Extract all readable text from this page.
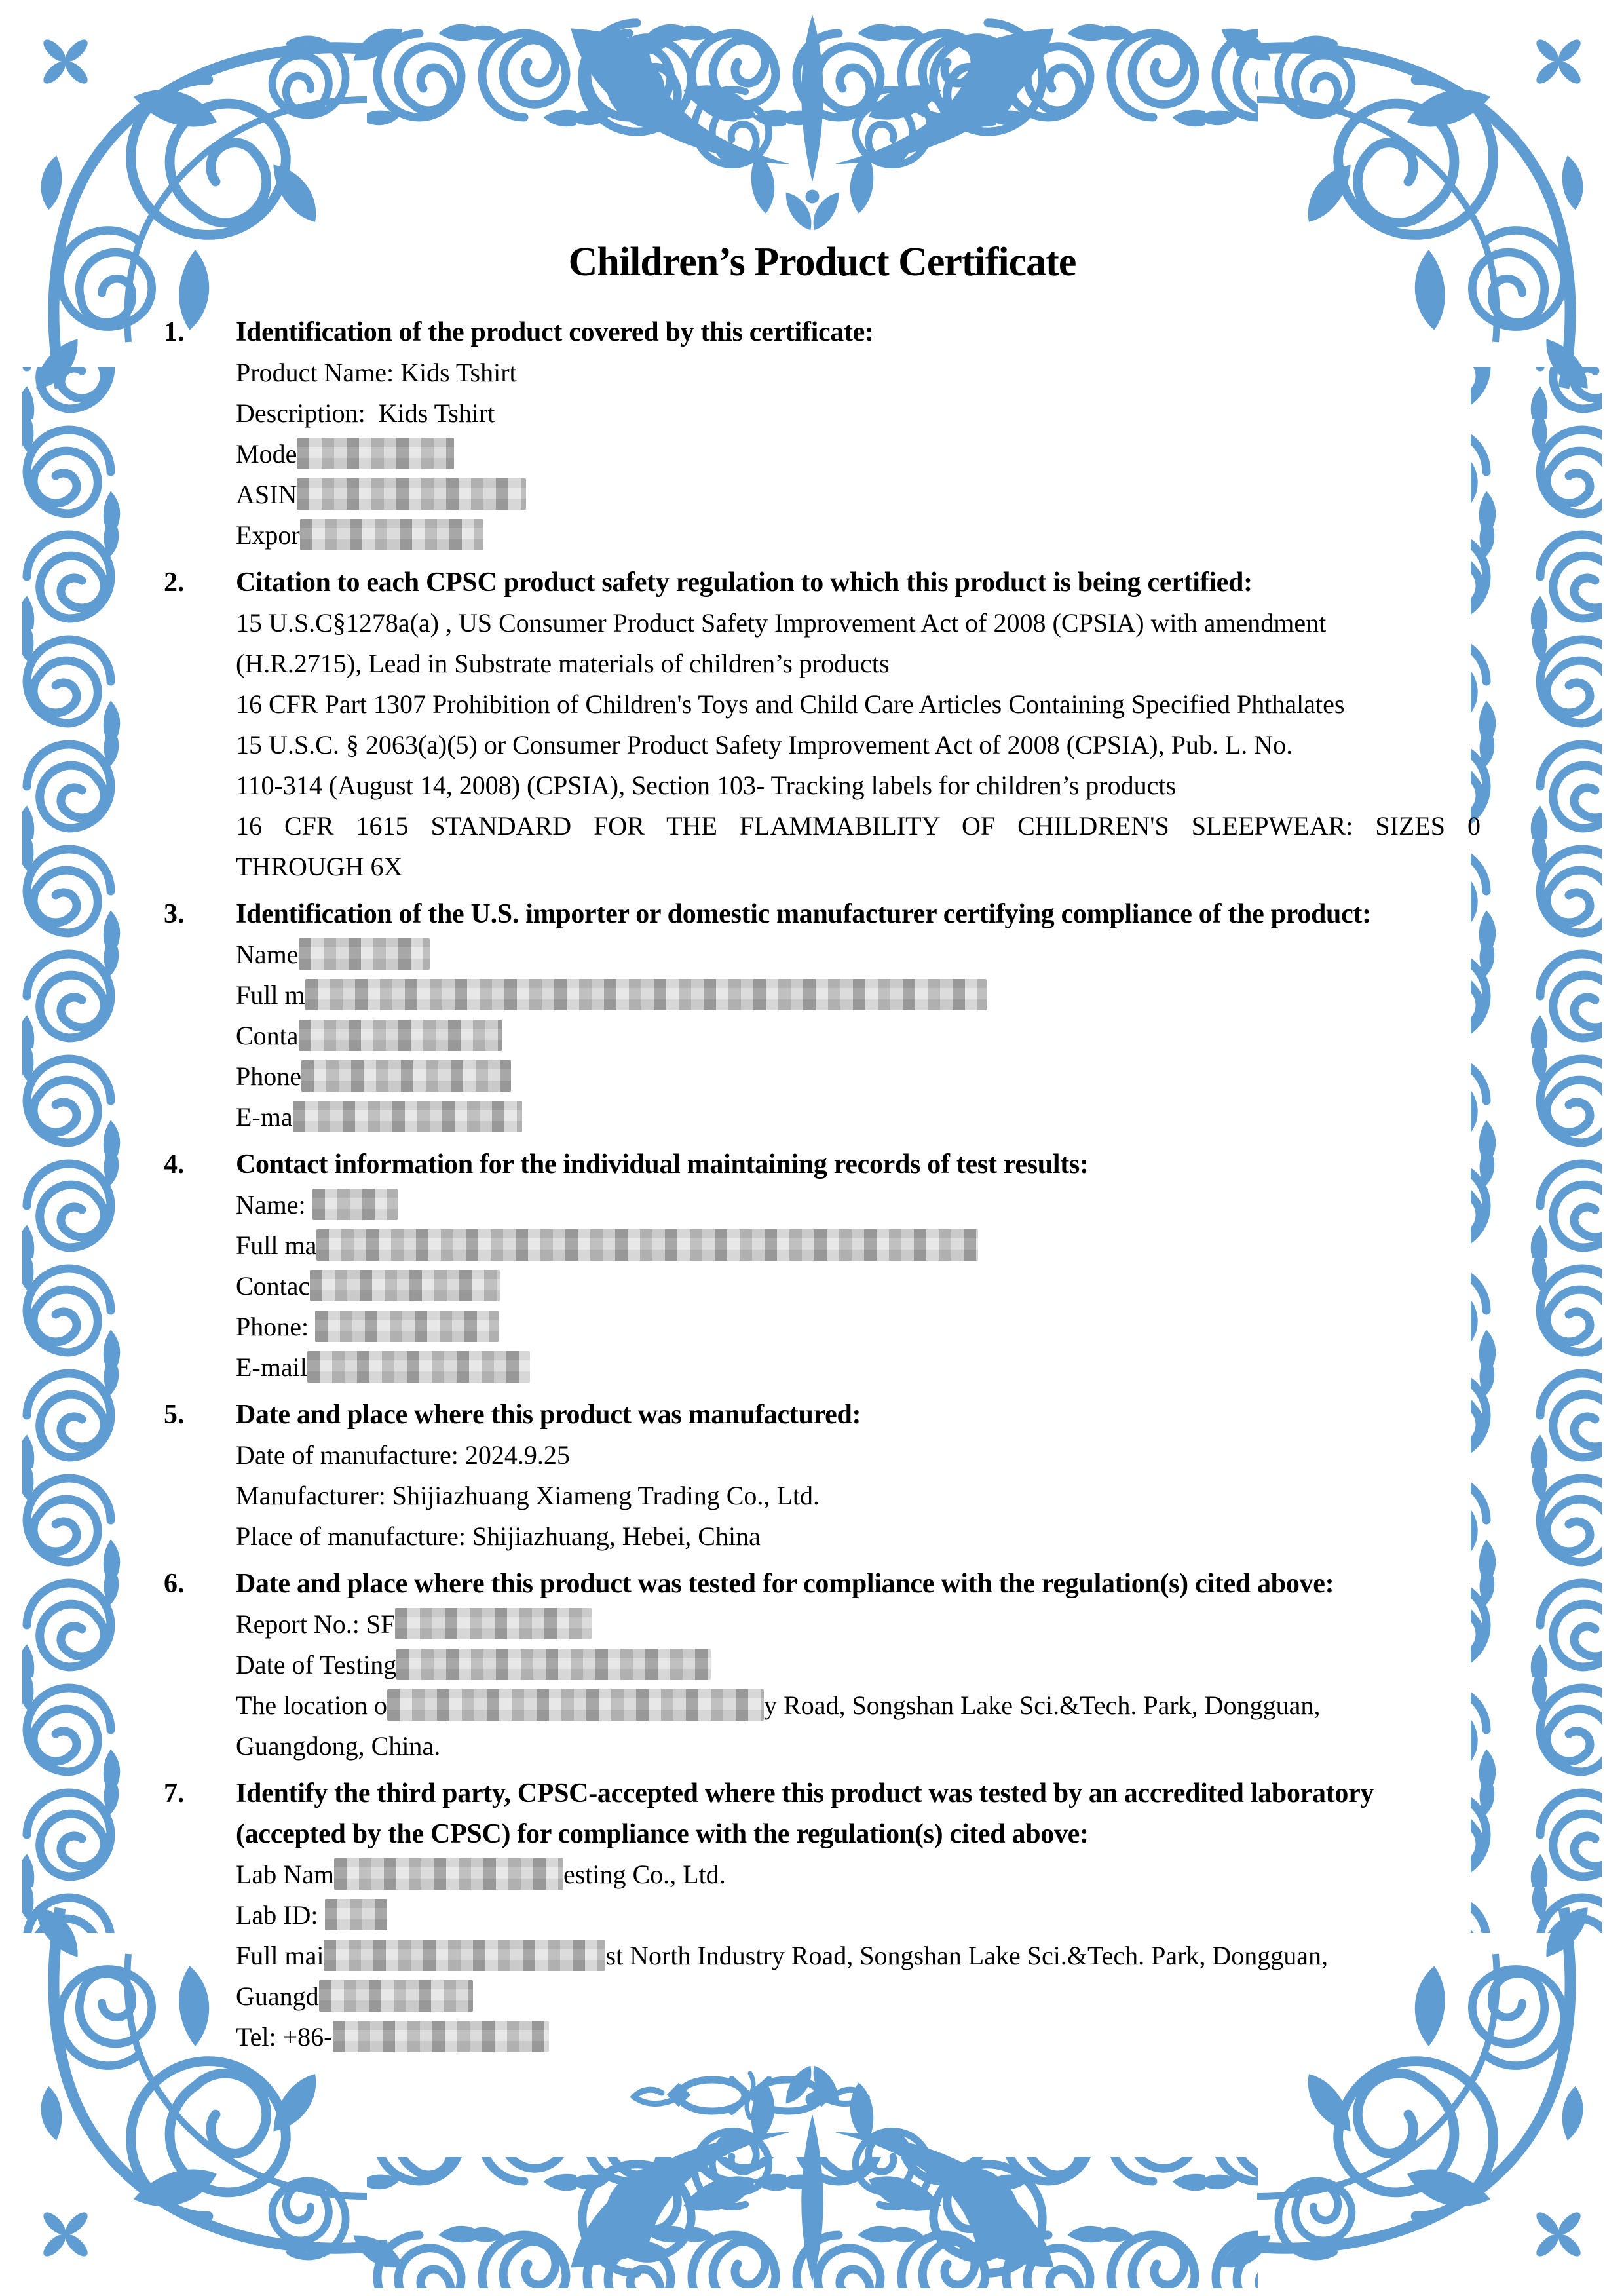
Children’s Product Certificate
1.	Identification of the product covered by this certificate:

Product Name: Kids Tshirt

Description:  Kids Tshirt

Mode

ASIN

Expor

2.	Citation to each CPSC product safety regulation to which this product is being certified:

15 U.S.C§1278a(a) , US Consumer Product Safety Improvement Act of 2008 (CPSIA) with amendment

(H.R.2715), Lead in Substrate materials of children’s products

16 CFR Part 1307 Prohibition of Children's Toys and Child Care Articles Containing Specified Phthalates

15 U.S.C. § 2063(a)(5) or Consumer Product Safety Improvement Act of 2008 (CPSIA), Pub. L. No.

110-314 (August 14, 2008) (CPSIA), Section 103- Tracking labels for children’s products

16 CFR 1615 STANDARD FOR THE FLAMMABILITY OF CHILDREN'S SLEEPWEAR: SIZES 0

THROUGH 6X

3.	Identification of the U.S. importer or domestic manufacturer certifying compliance of the product:

Name

Full m

Conta

Phone

E-ma

4.	Contact information for the individual maintaining records of test results:

Name:

Full ma

Contac

Phone:

E-mail

5.	Date and place where this product was manufactured:

Date of manufacture: 2024.9.25

Manufacturer: Shijiazhuang Xiameng Trading Co., Ltd.

Place of manufacture: Shijiazhuang, Hebei, China

6.	Date and place where this product was tested for compliance with the regulation(s) cited above:

Report No.: SF

Date of Testing

The location o	y Road, Songshan Lake Sci.&Tech. Park, Dongguan,

Guangdong, China.

7.	Identify the third party, CPSC-accepted where this product was tested by an accredited laboratory
(accepted by the CPSC) for compliance with the regulation(s) cited above:

Lab Nam	esting Co., Ltd.

Lab ID:

Full mai	st North Industry Road, Songshan Lake Sci.&Tech. Park, Dongguan,

Guangd

Tel: +86-
